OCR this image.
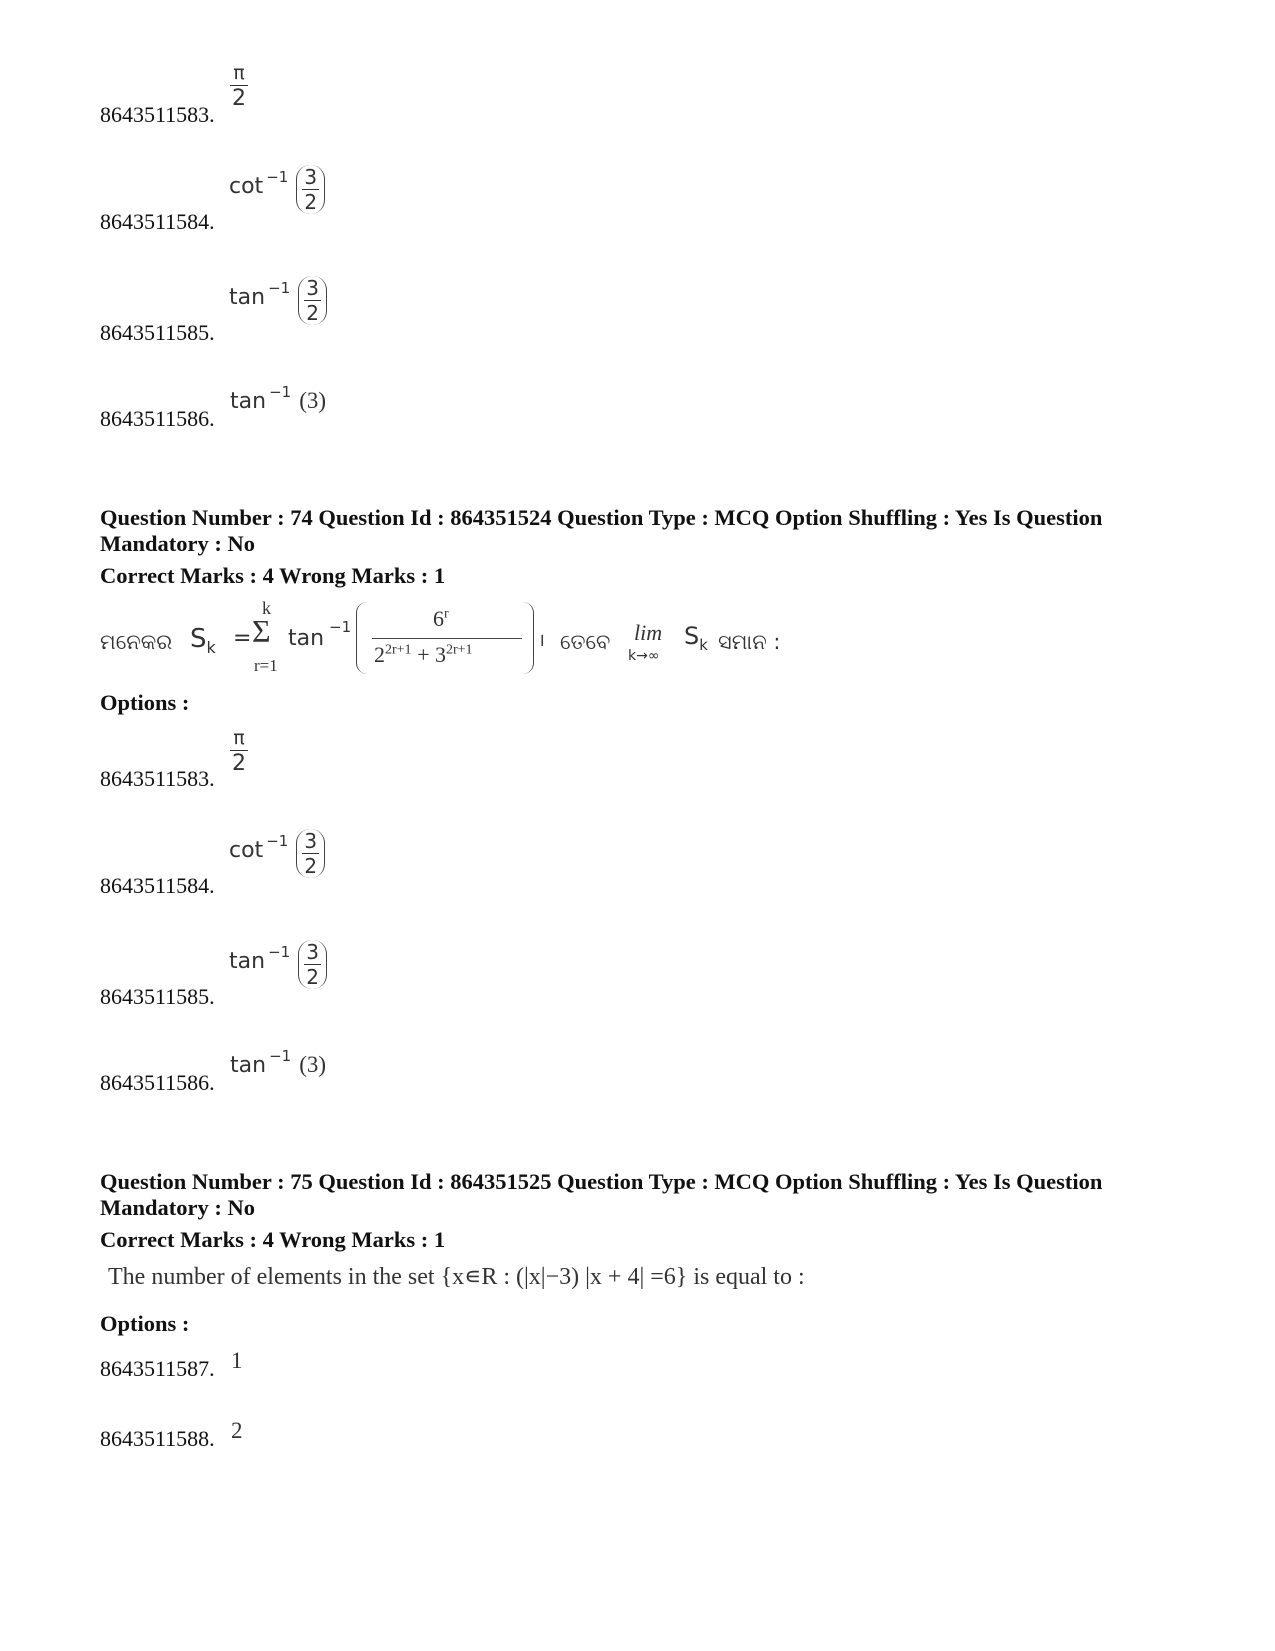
$\frac{\pi}{2}$
8643511583.
$\cot -1 \frac{3}{2}$
8643511584.
$\tan -1 \frac{3}{2}$
8643511585.
tan −1 (3)
8643511586.
Question Number : 74 Question Id : 864351524 Question Type : MCQ Option Shuffling : Yes Is Question
Mandatory : No
Correct Marks : 4 Wrong Marks : 1
ମନେକର $S_k$ =
k
Σ
r=1
tan −1	6$^r$
$2^{2r+1} + 3^{2r+1}$	। ତେବେ lim
k→∞
$S_k$ ସମାନ :
Options :
$\frac{\pi}{2}$
8643511583.
$\cot -1 \frac{3}{2}$
8643511584.
$\tan -1 \frac{3}{2}$
8643511585.
tan −1 (3)
8643511586.
Question Number : 75 Question Id : 864351525 Question Type : MCQ Option Shuffling : Yes Is Question
Mandatory : No
Correct Marks : 4 Wrong Marks : 1
The number of elements in the set {x∊R : (|x|−3) |x + 4| =6} is equal to :
Options :
1
8643511587.
2
8643511588.
